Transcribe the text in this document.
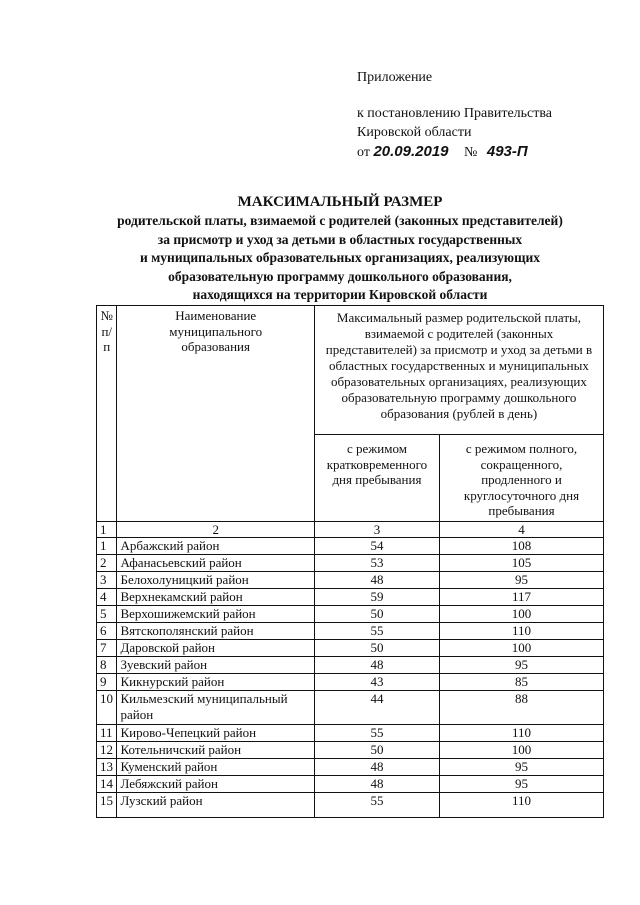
Приложение
к постановлению Правительства
Кировской области
от 20.09.2019 № 493-П
МАКСИМАЛЬНЫЙ РАЗМЕР
родительской платы, взимаемой с родителей (законных представителей)
за присмотр и уход за детьми в областных государственных
и муниципальных образовательных организациях, реализующих
образовательную программу дошкольного образования,
находящихся на территории Кировской области
№ п/п	Наименование муниципального образования	Максимальный размер родительской платы, взимаемой с родителей (законных представителей) за присмотр и уход за детьми в областных государственных и муниципальных образовательных организациях, реализующих образовательную программу дошкольного образования (рублей в день)	
		с режимом кратковременного дня пребывания	с режимом полного, сокращенного, продленного и круглосуточного дня пребывания
1	2	3	4
1	Арбажский район	54	108
2	Афанасьевский район	53	105
3	Белохолуницкий район	48	95
4	Верхнекамский район	59	117
5	Верхошижемский район	50	100
6	Вятскополянский район	55	110
7	Даровской район	50	100
8	Зуевский район	48	95
9	Кикнурский район	43	85
10	Кильмезский муниципальный район	44	88
11	Кирово-Чепецкий район	55	110
12	Котельничский район	50	100
13	Куменский район	48	95
14	Лебяжский район	48	95
15	Лузский район	55	110
